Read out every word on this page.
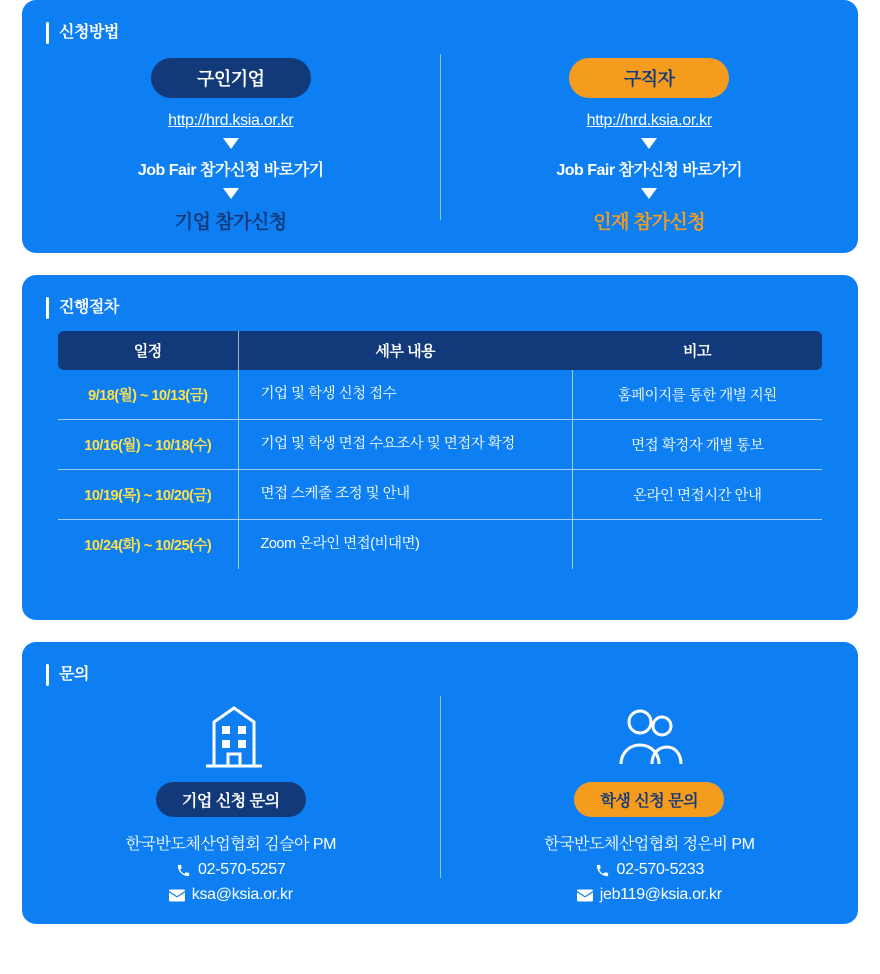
신청방법
구인기업
http://hrd.ksia.or.kr
Job Fair 참가신청 바로가기
기업 참가신청
구직자
http://hrd.ksia.or.kr
Job Fair 참가신청 바로가기
인재 참가신청
진행절차
일정	세부 내용	비고
9/18(월) ~ 10/13(금)	기업 및 학생 신청 접수	홈페이지를 통한 개별 지원
10/16(월) ~ 10/18(수)	기업 및 학생 면접 수요조사 및 면접자 확정	면접 확정자 개별 통보
10/19(목) ~ 10/20(금)	면접 스케줄 조정 및 안내	온라인 면접시간 안내
10/24(화) ~ 10/25(수)	Zoom 온라인 면접(비대면)	
문의
기업 신청 문의
한국반도체산업협회 김슬아 PM
02-570-5257
ksa@ksia.or.kr
학생 신청 문의
한국반도체산업협회 정은비 PM
02-570-5233
jeb119@ksia.or.kr
